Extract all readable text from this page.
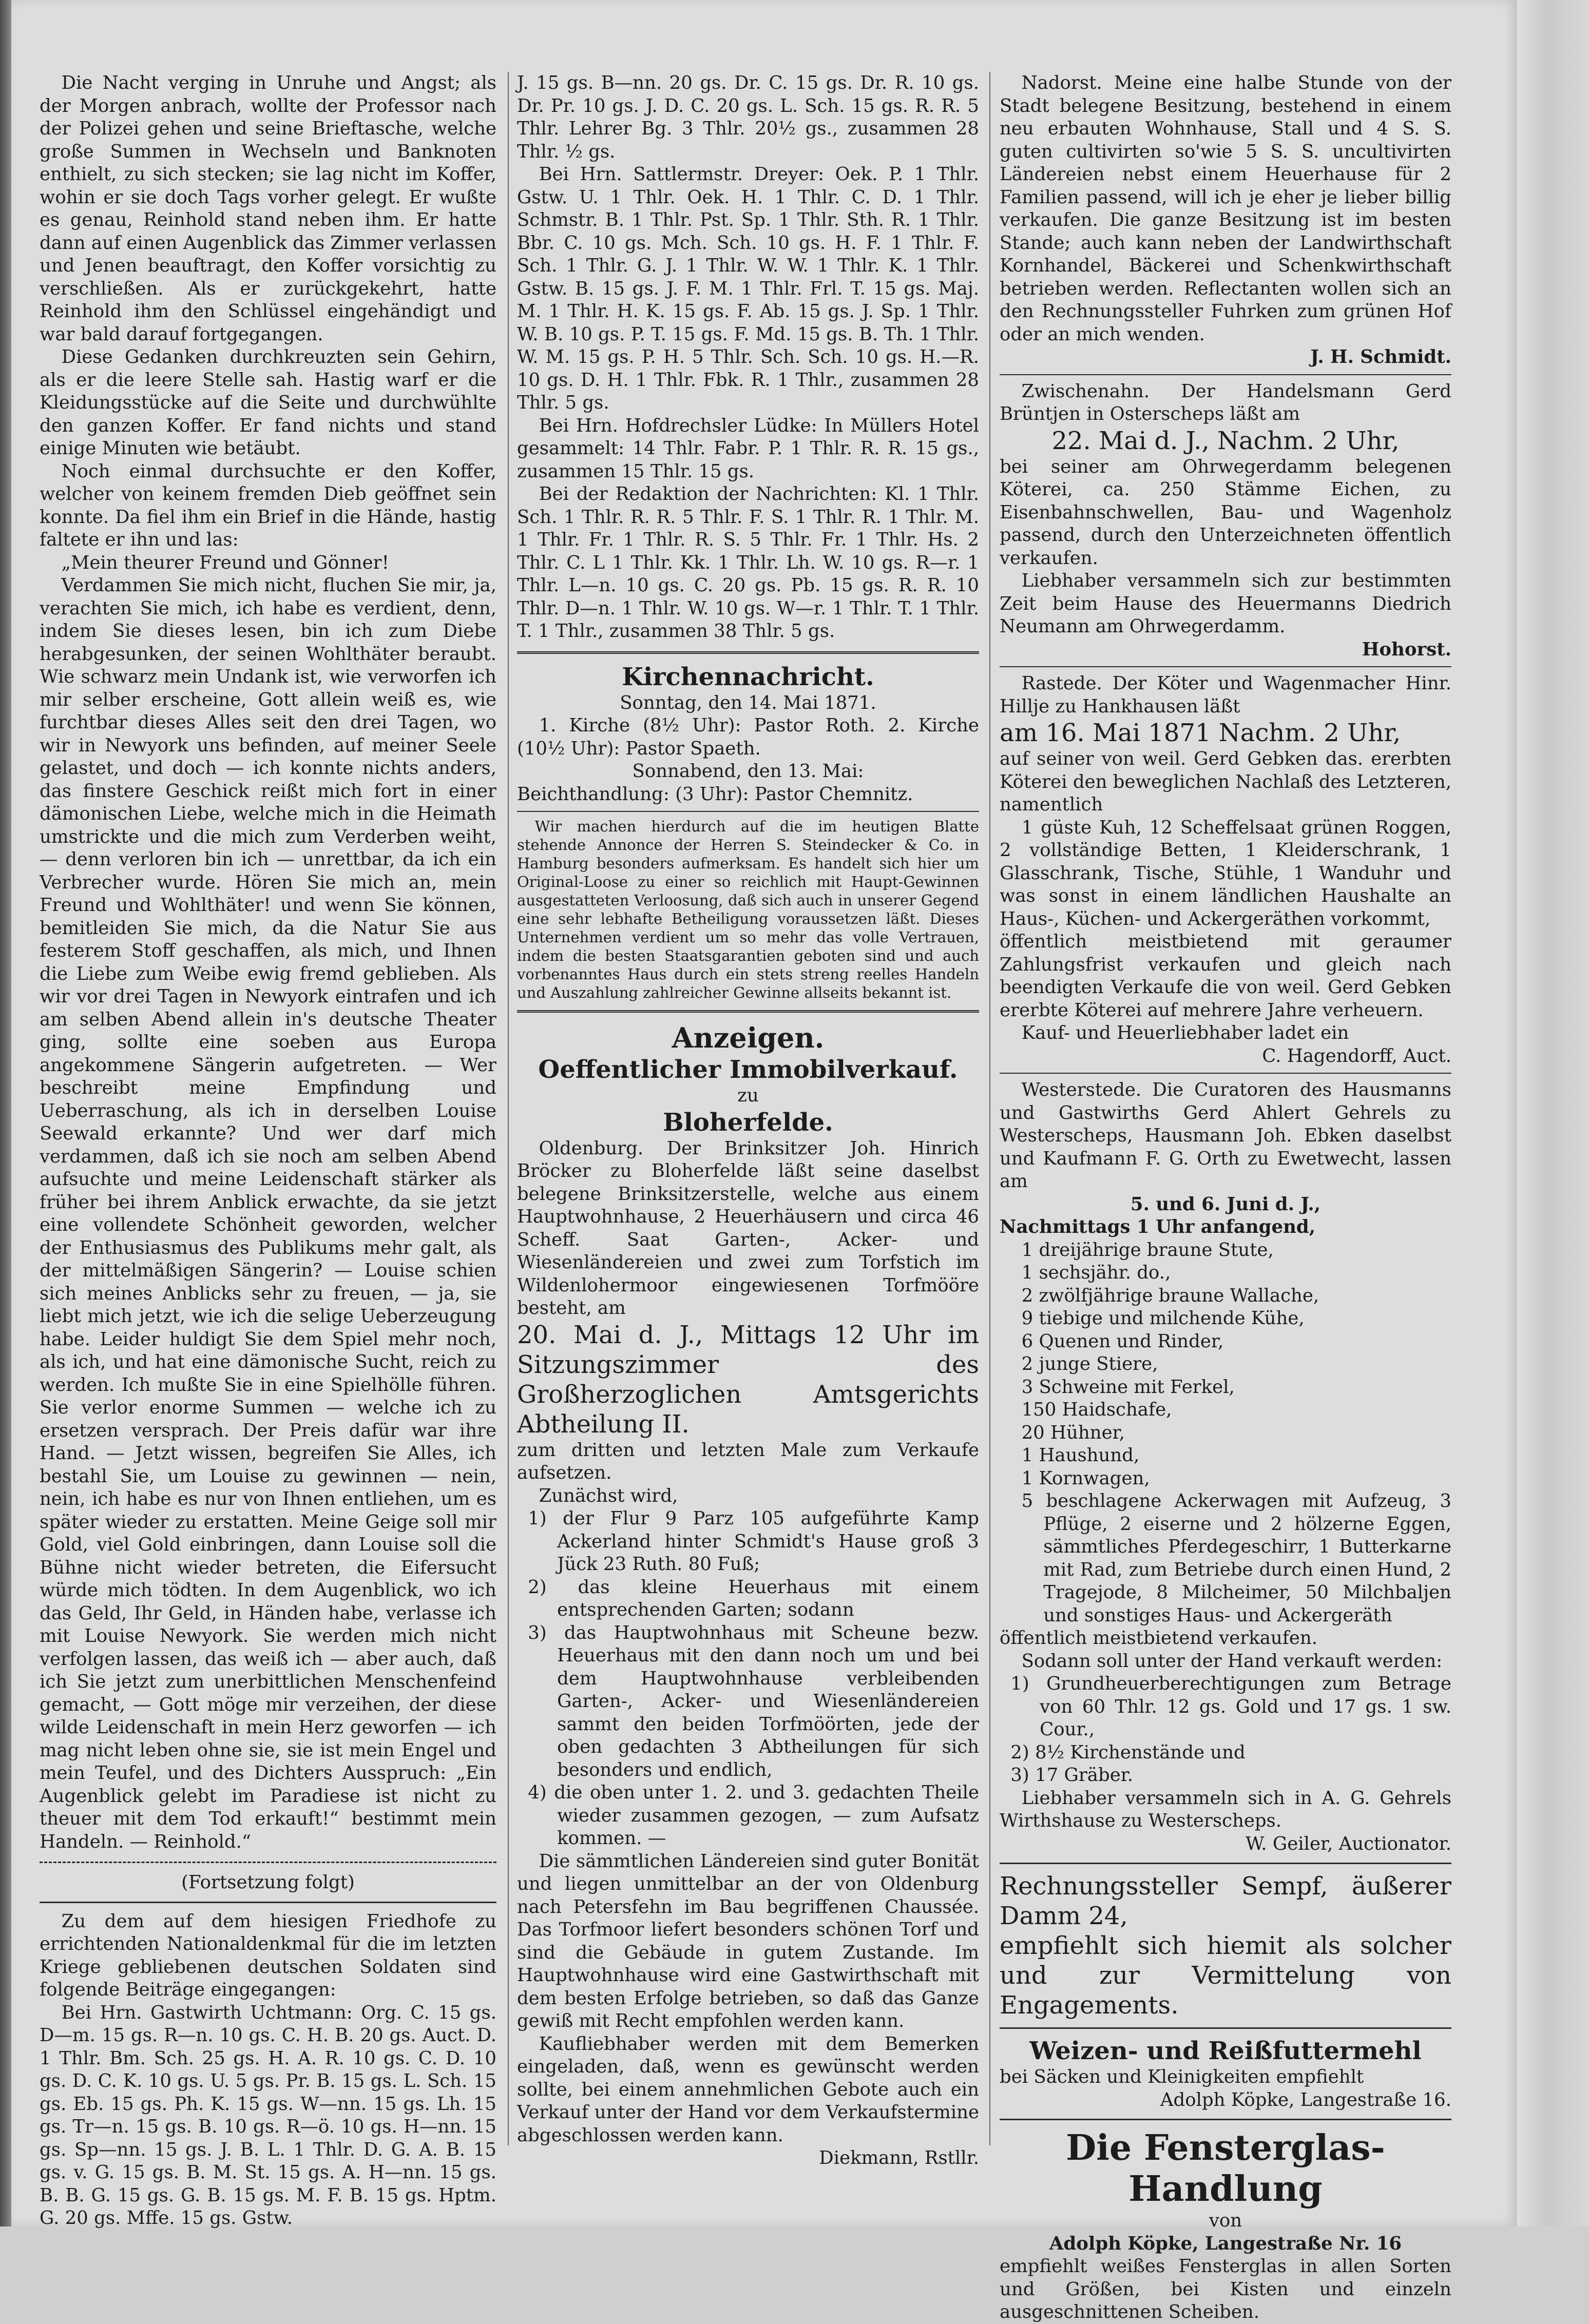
Die Nacht verging in Unruhe und Angst; als der Morgen anbrach, wollte der Professor nach der Polizei gehen und seine Brieftasche, welche große Summen in Wechseln und Banknoten enthielt, zu sich stecken; sie lag nicht im Koffer, wohin er sie doch Tags vorher gelegt. Er wußte es genau, Reinhold stand neben ihm. Er hatte dann auf einen Augenblick das Zimmer verlassen und Jenen beauftragt, den Koffer vorsichtig zu verschließen. Als er zurückgekehrt, hatte Reinhold ihm den Schlüssel eingehändigt und war bald darauf fortgegangen.

Diese Gedanken durchkreuzten sein Gehirn, als er die leere Stelle sah. Hastig warf er die Kleidungsstücke auf die Seite und durchwühlte den ganzen Koffer. Er fand nichts und stand einige Minuten wie betäubt.

Noch einmal durchsuchte er den Koffer, welcher von keinem fremden Dieb geöffnet sein konnte. Da fiel ihm ein Brief in die Hände, hastig faltete er ihn und las:

„Mein theurer Freund und Gönner!

Verdammen Sie mich nicht, fluchen Sie mir, ja, verachten Sie mich, ich habe es verdient, denn, indem Sie dieses lesen, bin ich zum Diebe herabgesunken, der seinen Wohlthäter beraubt. Wie schwarz mein Undank ist, wie verworfen ich mir selber erscheine, Gott allein weiß es, wie furchtbar dieses Alles seit den drei Tagen, wo wir in Newyork uns befinden, auf meiner Seele gelastet, und doch — ich konnte nichts anders, das finstere Geschick reißt mich fort in einer dämonischen Liebe, welche mich in die Heimath umstrickte und die mich zum Verderben weiht, — denn verloren bin ich — unrettbar, da ich ein Verbrecher wurde. Hören Sie mich an, mein Freund und Wohlthäter! und wenn Sie können, bemitleiden Sie mich, da die Natur Sie aus festerem Stoff geschaffen, als mich, und Ihnen die Liebe zum Weibe ewig fremd geblieben. Als wir vor drei Tagen in Newyork eintrafen und ich am selben Abend allein in's deutsche Theater ging, sollte eine soeben aus Europa angekommene Sängerin aufgetreten. — Wer beschreibt meine Empfindung und Ueberraschung, als ich in derselben Louise Seewald erkannte? Und wer darf mich verdammen, daß ich sie noch am selben Abend aufsuchte und meine Leidenschaft stärker als früher bei ihrem Anblick erwachte, da sie jetzt eine vollendete Schönheit geworden, welcher der Enthusiasmus des Publikums mehr galt, als der mittelmäßigen Sängerin? — Louise schien sich meines Anblicks sehr zu freuen, — ja, sie liebt mich jetzt, wie ich die selige Ueberzeugung habe. Leider huldigt Sie dem Spiel mehr noch, als ich, und hat eine dämonische Sucht, reich zu werden. Ich mußte Sie in eine Spielhölle führen. Sie verlor enorme Summen — welche ich zu ersetzen versprach. Der Preis dafür war ihre Hand. — Jetzt wissen, begreifen Sie Alles, ich bestahl Sie, um Louise zu gewinnen — nein, nein, ich habe es nur von Ihnen entliehen, um es später wieder zu erstatten. Meine Geige soll mir Gold, viel Gold einbringen, dann Louise soll die Bühne nicht wieder betreten, die Eifersucht würde mich tödten. In dem Augenblick, wo ich das Geld, Ihr Geld, in Händen habe, verlasse ich mit Louise Newyork. Sie werden mich nicht verfolgen lassen, das weiß ich — aber auch, daß ich Sie jetzt zum unerbittlichen Menschenfeind gemacht, — Gott möge mir verzeihen, der diese wilde Leidenschaft in mein Herz geworfen — ich mag nicht leben ohne sie, sie ist mein Engel und mein Teufel, und des Dichters Ausspruch: „Ein Augenblick gelebt im Paradiese ist nicht zu theuer mit dem Tod erkauft!“ bestimmt mein Handeln. — Reinhold.“

(Fortsetzung folgt)

Zu dem auf dem hiesigen Friedhofe zu errichtenden Nationaldenkmal für die im letzten Kriege gebliebenen deutschen Soldaten sind folgende Beiträge eingegangen:

Bei Hrn. Gastwirth Uchtmann: Org. C. 15 gs. D—m. 15 gs. R—n. 10 gs. C. H. B. 20 gs. Auct. D. 1 Thlr. Bm. Sch. 25 gs. H. A. R. 10 gs. C. D. 10 gs. D. C. K. 10 gs. U. 5 gs. Pr. B. 15 gs. L. Sch. 15 gs. Eb. 15 gs. Ph. K. 15 gs. W—nn. 15 gs. Lh. 15 gs. Tr—n. 15 gs. B. 10 gs. R—ö. 10 gs. H—nn. 15 gs. Sp—nn. 15 gs. J. B. L. 1 Thlr. D. G. A. B. 15 gs. v. G. 15 gs. B. M. St. 15 gs. A. H—nn. 15 gs. B. B. G. 15 gs. G. B. 15 gs. M. F. B. 15 gs. Hptm. G. 20 gs. Mffe. 15 gs. Gstw.

J. 15 gs. B—nn. 20 gs. Dr. C. 15 gs. Dr. R. 10 gs. Dr. Pr. 10 gs. J. D. C. 20 gs. L. Sch. 15 gs. R. R. 5 Thlr. Lehrer Bg. 3 Thlr. 20½ gs., zusammen 28 Thlr. ½ gs.

Bei Hrn. Sattlermstr. Dreyer: Oek. P. 1 Thlr. Gstw. U. 1 Thlr. Oek. H. 1 Thlr. C. D. 1 Thlr. Schmstr. B. 1 Thlr. Pst. Sp. 1 Thlr. Sth. R. 1 Thlr. Bbr. C. 10 gs. Mch. Sch. 10 gs. H. F. 1 Thlr. F. Sch. 1 Thlr. G. J. 1 Thlr. W. W. 1 Thlr. K. 1 Thlr. Gstw. B. 15 gs. J. F. M. 1 Thlr. Frl. T. 15 gs. Maj. M. 1 Thlr. H. K. 15 gs. F. Ab. 15 gs. J. Sp. 1 Thlr. W. B. 10 gs. P. T. 15 gs. F. Md. 15 gs. B. Th. 1 Thlr. W. M. 15 gs. P. H. 5 Thlr. Sch. Sch. 10 gs. H.—R. 10 gs. D. H. 1 Thlr. Fbk. R. 1 Thlr., zusammen 28 Thlr. 5 gs.

Bei Hrn. Hofdrechsler Lüdke: In Müllers Hotel gesammelt: 14 Thlr. Fabr. P. 1 Thlr. R. R. 15 gs., zusammen 15 Thlr. 15 gs.

Bei der Redaktion der Nachrichten: Kl. 1 Thlr. Sch. 1 Thlr. R. R. 5 Thlr. F. S. 1 Thlr. R. 1 Thlr. M. 1 Thlr. Fr. 1 Thlr. R. S. 5 Thlr. Fr. 1 Thlr. Hs. 2 Thlr. C. L 1 Thlr. Kk. 1 Thlr. Lh. W. 10 gs. R—r. 1 Thlr. L—n. 10 gs. C. 20 gs. Pb. 15 gs. R. R. 10 Thlr. D—n. 1 Thlr. W. 10 gs. W—r. 1 Thlr. T. 1 Thlr. T. 1 Thlr., zusammen 38 Thlr. 5 gs.

Kirchennachricht.

Sonntag, den 14. Mai 1871.

1. Kirche (8½ Uhr): Pastor Roth. 2. Kirche (10½ Uhr): Pastor Spaeth.

Sonnabend, den 13. Mai:

Beichthandlung: (3 Uhr): Pastor Chemnitz.

Wir machen hierdurch auf die im heutigen Blatte stehende Annonce der Herren S. Steindecker & Co. in Hamburg besonders aufmerksam. Es handelt sich hier um Original-Loose zu einer so reichlich mit Haupt-Gewinnen ausgestatteten Verloosung, daß sich auch in unserer Gegend eine sehr lebhafte Betheiligung voraussetzen läßt. Dieses Unternehmen verdient um so mehr das volle Vertrauen, indem die besten Staatsgarantien geboten sind und auch vorbenanntes Haus durch ein stets streng reelles Handeln und Auszahlung zahlreicher Gewinne allseits bekannt ist.

Anzeigen.

Oeffentlicher Immobilverkauf.

zu

Bloherfelde.

Oldenburg. Der Brinksitzer Joh. Hinrich Bröcker zu Bloherfelde läßt seine daselbst belegene Brinksitzerstelle, welche aus einem Hauptwohnhause, 2 Heuerhäusern und circa 46 Scheff. Saat Garten-, Acker- und Wiesenländereien und zwei zum Torfstich im Wildenlohermoor eingewiesenen Torfmööre besteht, am

20. Mai d. J., Mittags 12 Uhr im Sitzungszimmer des Großherzoglichen Amtsgerichts Abtheilung II.

zum dritten und letzten Male zum Verkaufe aufsetzen.

Zunächst wird,

1) der Flur 9 Parz 105 aufgeführte Kamp Ackerland hinter Schmidt's Hause groß 3 Jück 23 Ruth. 80 Fuß;

2) das kleine Heuerhaus mit einem entsprechenden Garten; sodann

3) das Hauptwohnhaus mit Scheune bezw. Heuerhaus mit den dann noch um und bei dem Hauptwohnhause verbleibenden Garten-, Acker- und Wiesenländereien sammt den beiden Torfmöörten, jede der oben gedachten 3 Abtheilungen für sich besonders und endlich,

4) die oben unter 1. 2. und 3. gedachten Theile wieder zusammen gezogen, — zum Aufsatz kommen. —

Die sämmtlichen Ländereien sind guter Bonität und liegen unmittelbar an der von Oldenburg nach Petersfehn im Bau begriffenen Chaussée. Das Torfmoor liefert besonders schönen Torf und sind die Gebäude in gutem Zustande. Im Hauptwohnhause wird eine Gastwirthschaft mit dem besten Erfolge betrieben, so daß das Ganze gewiß mit Recht empfohlen werden kann.

Kaufliebhaber werden mit dem Bemerken eingeladen, daß, wenn es gewünscht werden sollte, bei einem annehmlichen Gebote auch ein Verkauf unter der Hand vor dem Verkaufstermine abgeschlossen werden kann.

Diekmann, Rstllr.

Nadorst. Meine eine halbe Stunde von der Stadt belegene Besitzung, bestehend in einem neu erbauten Wohnhause, Stall und 4 S. S. guten cultivirten so'wie 5 S. S. uncultivirten Ländereien nebst einem Heuerhause für 2 Familien passend, will ich je eher je lieber billig verkaufen. Die ganze Besitzung ist im besten Stande; auch kann neben der Landwirthschaft Kornhandel, Bäckerei und Schenkwirthschaft betrieben werden. Reflectanten wollen sich an den Rechnungssteller Fuhrken zum grünen Hof oder an mich wenden.

J. H. Schmidt.

Zwischenahn. Der Handelsmann Gerd Brüntjen in Osterscheps läßt am

22. Mai d. J., Nachm. 2 Uhr,

bei seiner am Ohrwegerdamm belegenen Köterei, ca. 250 Stämme Eichen, zu Eisenbahnschwellen, Bau- und Wagenholz passend, durch den Unterzeichneten öffentlich verkaufen.

Liebhaber versammeln sich zur bestimmten Zeit beim Hause des Heuermanns Diedrich Neumann am Ohrwegerdamm.

Hohorst.

Rastede. Der Köter und Wagenmacher Hinr. Hillje zu Hankhausen läßt

am 16. Mai 1871 Nachm. 2 Uhr,

auf seiner von weil. Gerd Gebken das. ererbten Köterei den beweglichen Nachlaß des Letzteren, namentlich

1 güste Kuh, 12 Scheffelsaat grünen Roggen, 2 vollständige Betten, 1 Kleiderschrank, 1 Glasschrank, Tische, Stühle, 1 Wanduhr und was sonst in einem ländlichen Haushalte an Haus-, Küchen- und Ackergeräthen vorkommt,

öffentlich meistbietend mit geraumer Zahlungsfrist verkaufen und gleich nach beendigten Verkaufe die von weil. Gerd Gebken ererbte Köterei auf mehrere Jahre verheuern.

Kauf- und Heuerliebhaber ladet ein

C. Hagendorff, Auct.

Westerstede. Die Curatoren des Hausmanns und Gastwirths Gerd Ahlert Gehrels zu Westerscheps, Hausmann Joh. Ebken daselbst und Kaufmann F. G. Orth zu Ewetwecht, lassen am

5. und 6. Juni d. J.,

Nachmittags 1 Uhr anfangend,

1 dreijährige braune Stute,

1 sechsjähr. do.,

2 zwölfjährige braune Wallache,

9 tiebige und milchende Kühe,

6 Quenen und Rinder,

2 junge Stiere,

3 Schweine mit Ferkel,

150 Haidschafe,

20 Hühner,

1 Haushund,

1 Kornwagen,

5 beschlagene Ackerwagen mit Aufzeug, 3 Pflüge, 2 eiserne und 2 hölzerne Eggen, sämmtliches Pferdegeschirr, 1 Butterkarne mit Rad, zum Betriebe durch einen Hund, 2 Tragejode, 8 Milcheimer, 50 Milchbaljen und sonstiges Haus- und Ackergeräth

öffentlich meistbietend verkaufen.

Sodann soll unter der Hand verkauft werden:

1) Grundheuerberechtigungen zum Betrage von 60 Thlr. 12 gs. Gold und 17 gs. 1 sw. Cour.,

2) 8½ Kirchenstände und

3) 17 Gräber.

Liebhaber versammeln sich in A. G. Gehrels Wirthshause zu Westerscheps.

W. Geiler, Auctionator.

Rechnungssteller Sempf, äußerer Damm 24,

empfiehlt sich hiemit als solcher und zur Vermittelung von Engagements.

Weizen- und Reißfuttermehl

bei Säcken und Kleinigkeiten empfiehlt

Adolph Köpke, Langestraße 16.

Die Fensterglas-Handlung

von

Adolph Köpke, Langestraße Nr. 16

empfiehlt weißes Fensterglas in allen Sorten und Größen, bei Kisten und einzeln ausgeschnittenen Scheiben.
